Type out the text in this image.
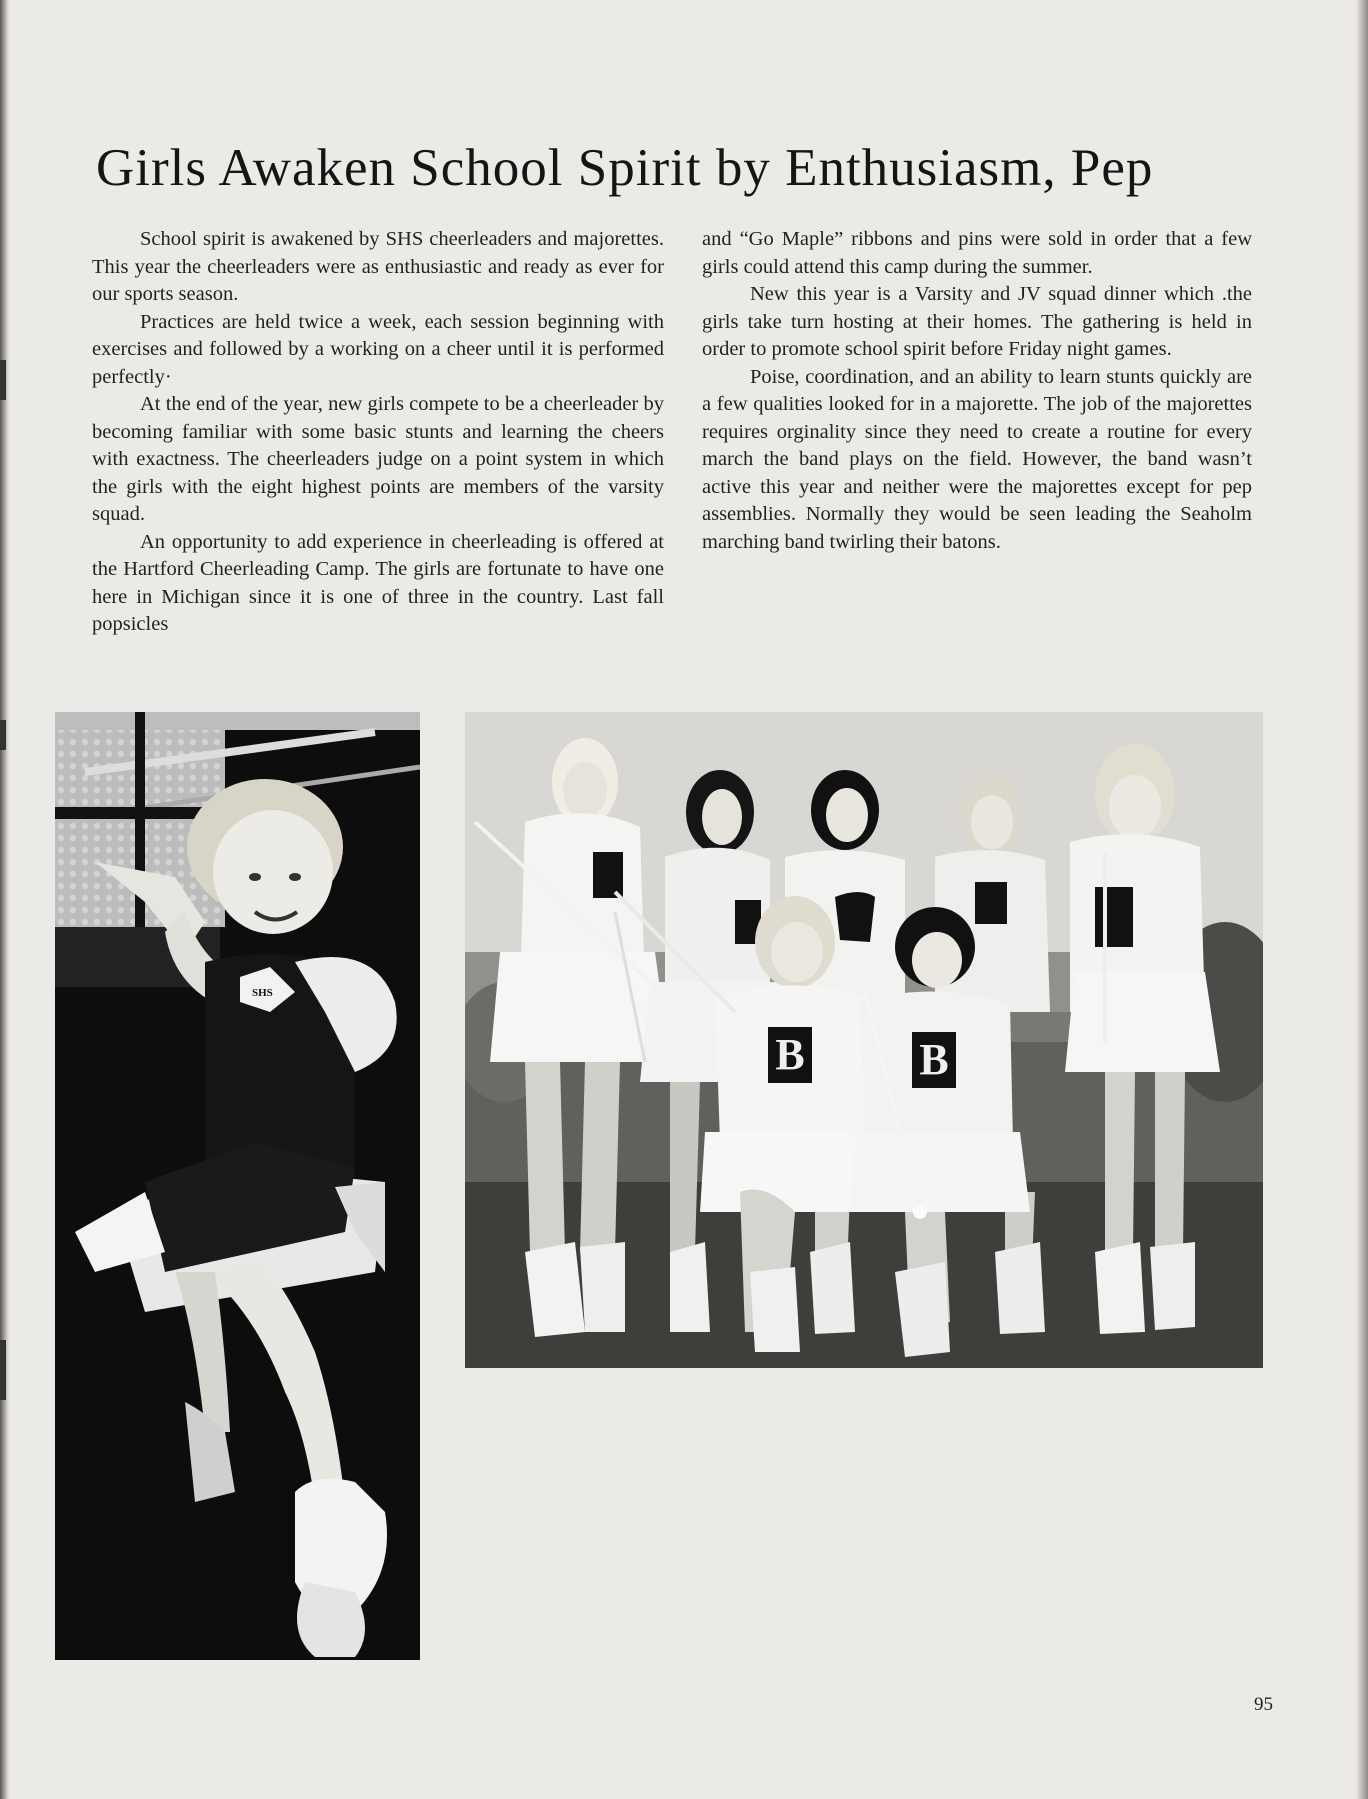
Girls Awaken School Spirit by Enthusiasm, Pep

School spirit is awakened by SHS cheerleaders and majorettes. This year the cheerleaders were as enthusiastic and ready as ever for our sports season.

Practices are held twice a week, each session beginning with exercises and followed by a working on a cheer until it is performed perfectly·

At the end of the year, new girls compete to be a cheerleader by becoming familiar with some basic stunts and learning the cheers with exactness. The cheerleaders judge on a point system in which the girls with the eight highest points are members of the varsity squad.

An opportunity to add experience in cheerleading is offered at the Hartford Cheerleading Camp. The girls are fortunate to have one here in Michigan since it is one of three in the country. Last fall popsicles

and “Go Maple” ribbons and pins were sold in order that a few girls could attend this camp during the summer.

New this year is a Varsity and JV squad dinner which .the girls take turn hosting at their homes. The gathering is held in order to promote school spirit before Friday night games.

Poise, coordination, and an ability to learn stunts quickly are a few qualities looked for in a majorette. The job of the majorettes requires orginality since they need to create a routine for every march the band plays on the field. However, the band wasn’t active this year and neither were the majorettes except for pep assemblies. Normally they would be seen leading the Seaholm marching band twirling their batons.

SHS
B	B
95
